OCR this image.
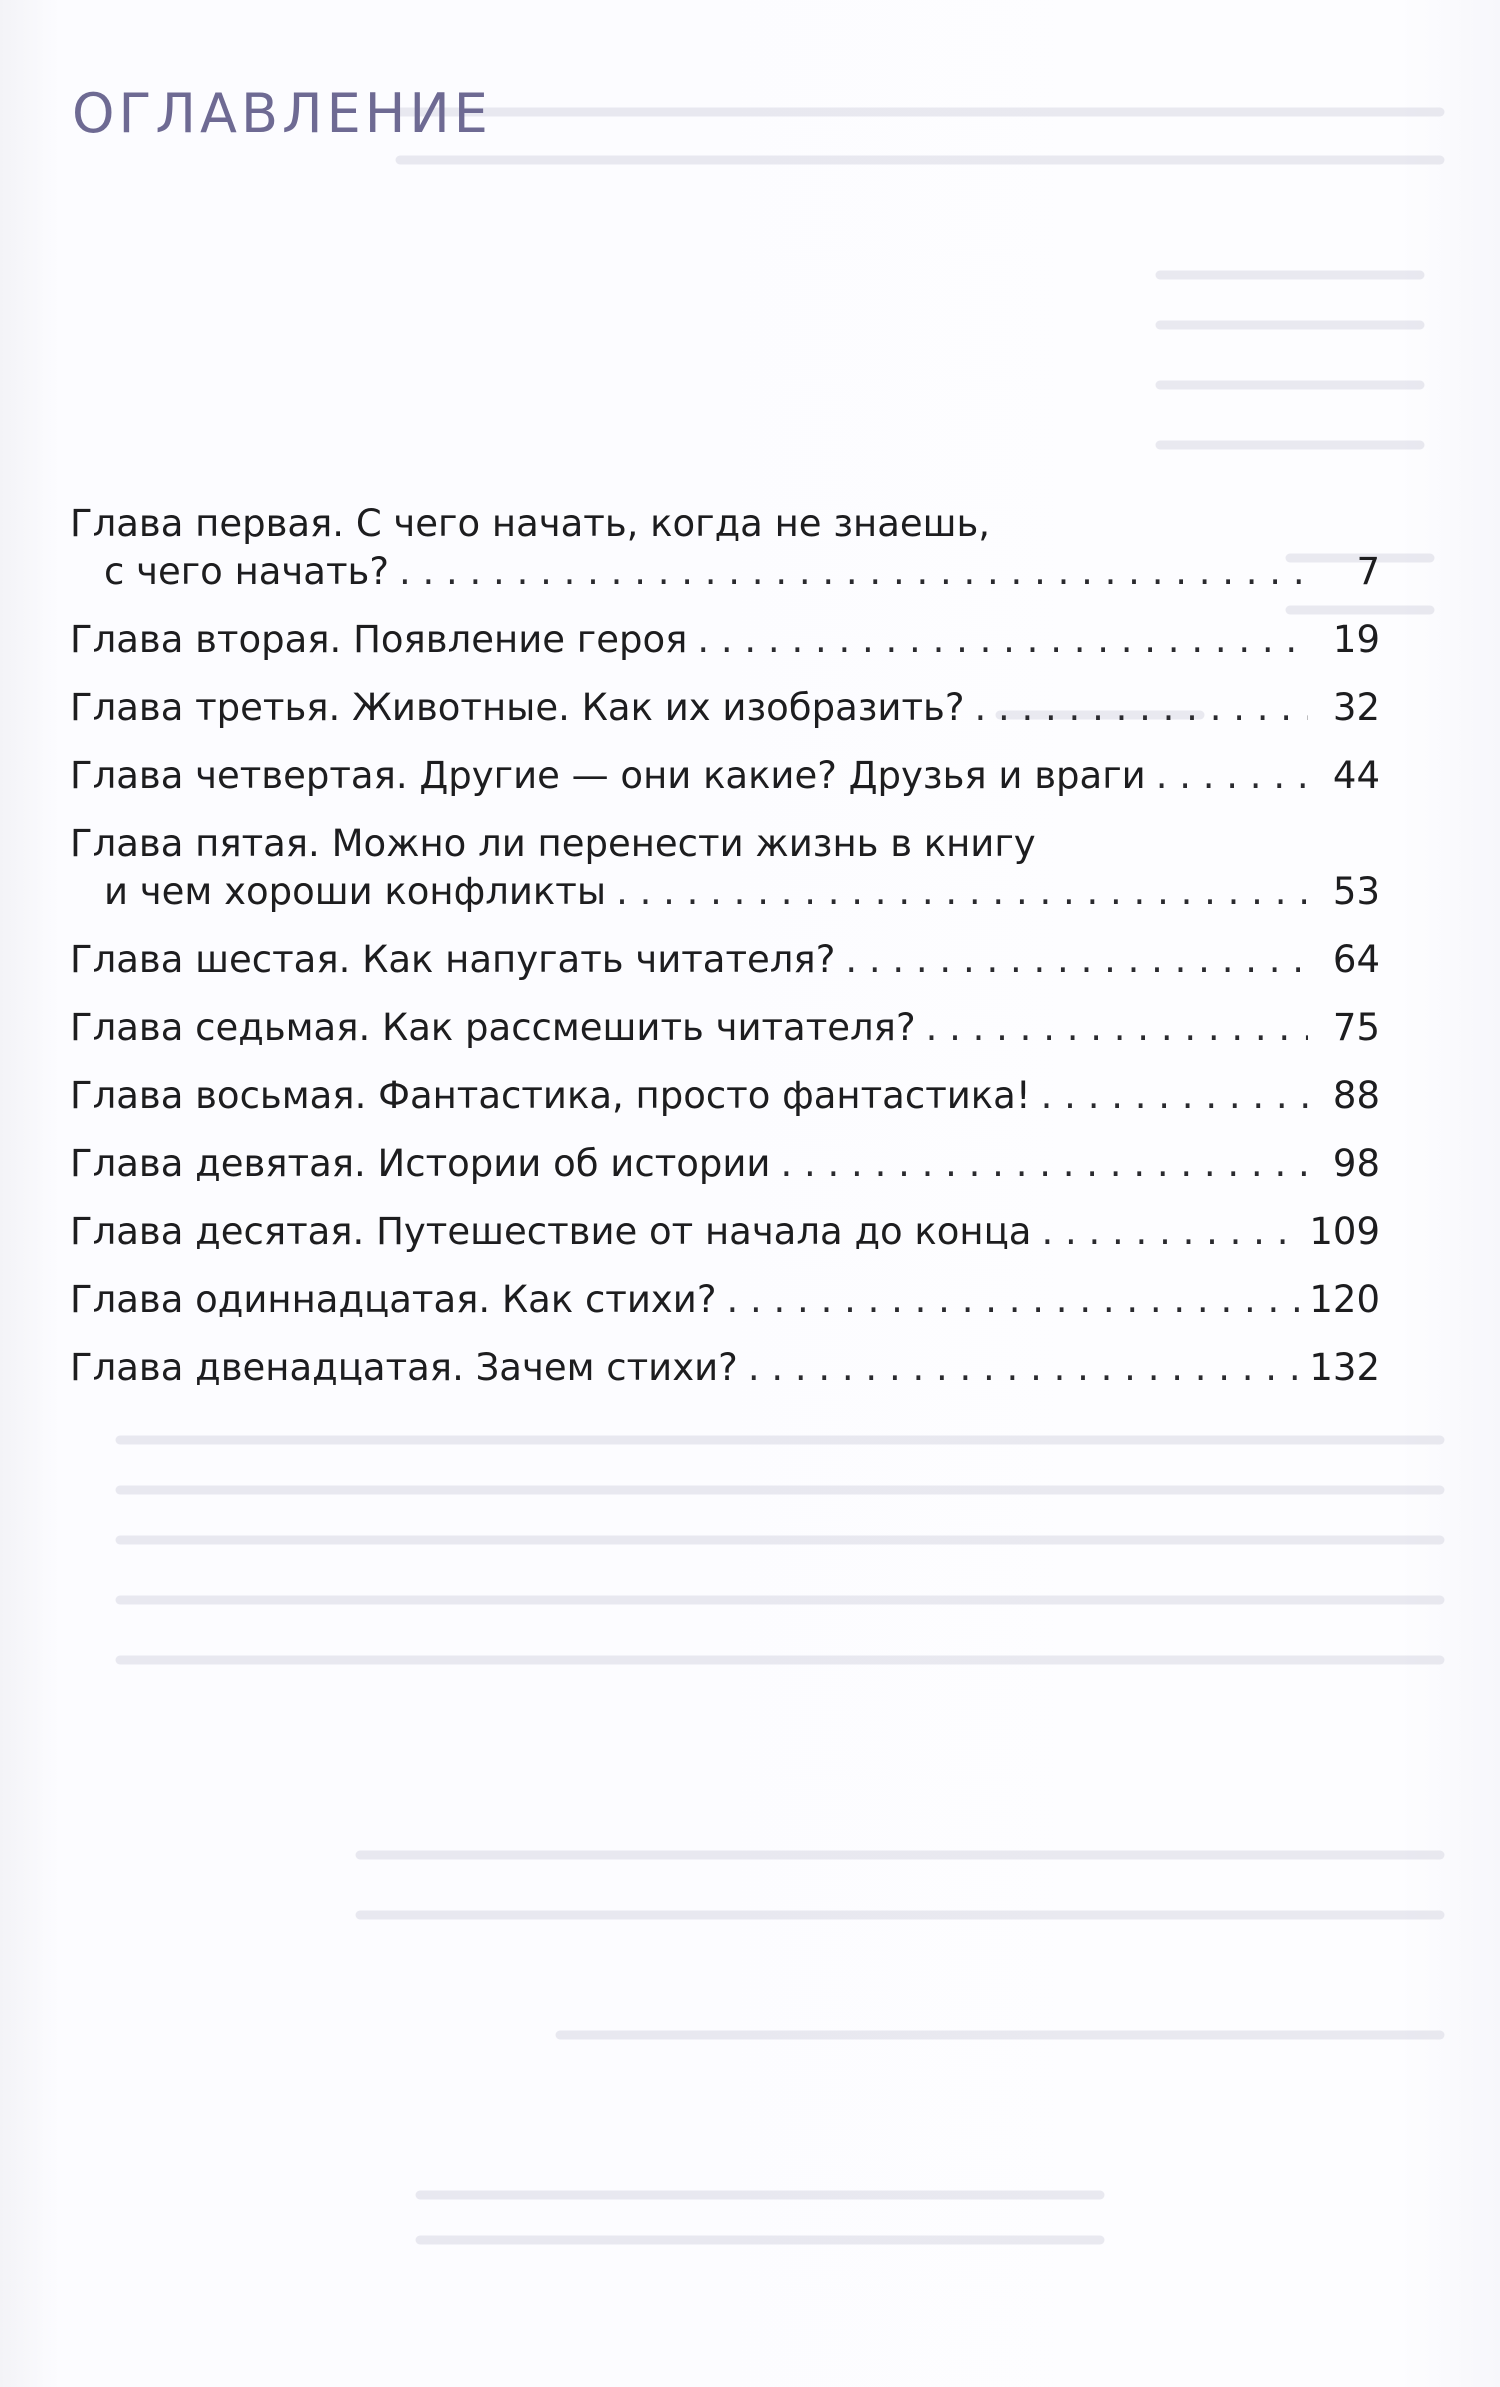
ОГЛАВЛЕНИЕ
Глава первая. С чего начать, когда не знаешь,
с чего начать? . . .	7
Глава вторая. Появление героя . . .	19
Глава третья. Животные. Как их изобразить? . . .	32
Глава четвертая. Другие — они какие? Друзья и враги . . .	44
Глава пятая. Можно ли перенести жизнь в книгу
и чем хороши конфликты . . .	53
Глава шестая. Как напугать читателя? . . .	64
Глава седьмая. Как рассмешить читателя? . . .	75
Глава восьмая. Фантастика, просто фантастика! . . .	88
Глава девятая. Истории об истории . . .	98
Глава десятая. Путешествие от начала до конца . . .	109
Глава одиннадцатая. Как стихи? . . .	120
Глава двенадцатая. Зачем стихи? . . .	132
